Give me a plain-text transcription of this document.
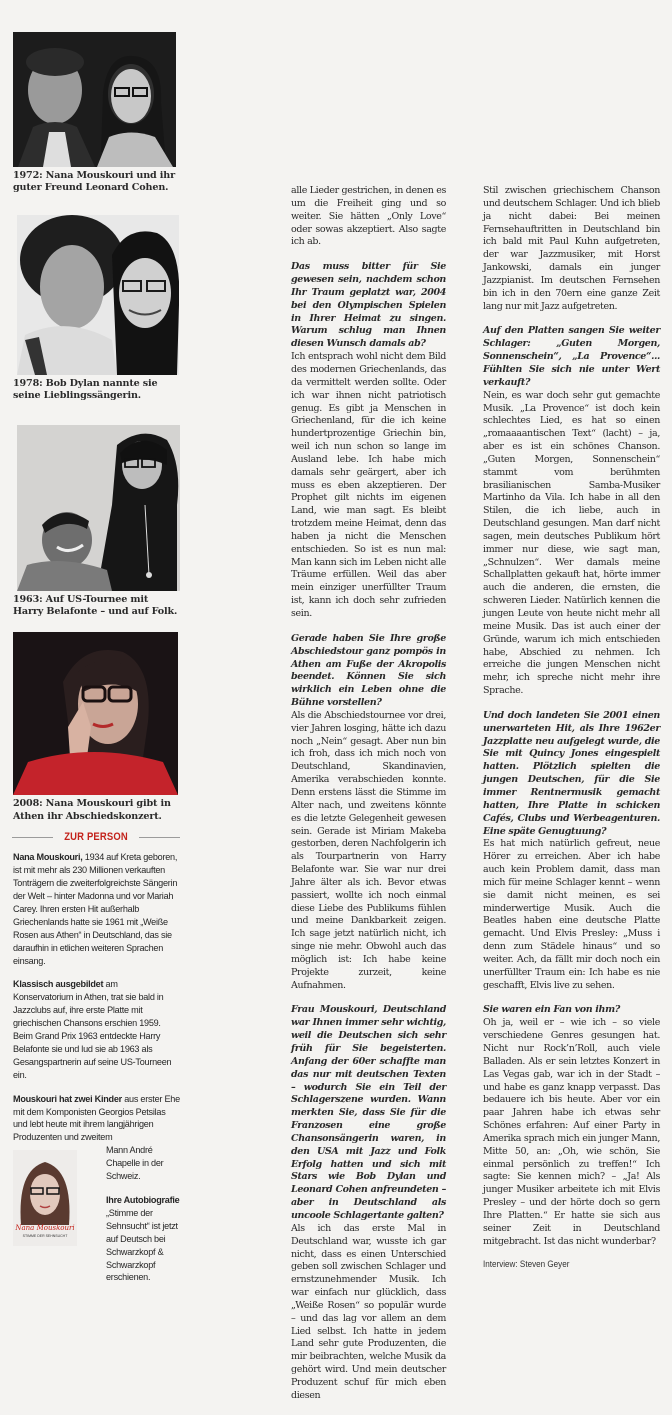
1972: Nana Mouskouri und ihr guter Freund Leonard Cohen.
1978: Bob Dylan nannte sie seine Lieblingssängerin.
1963: Auf US-Tournee mit Harry Belafonte – und auf Folk.
2008: Nana Mouskouri gibt in Athen ihr Abschiedskonzert.
ZUR PERSON

Nana Mouskouri, 1934 auf Kreta geboren, ist mit mehr als 230 Millionen verkauften Tonträgern die zweiterfolgreichste Sängerin der Welt – hinter Madonna und vor Mariah Carey. Ihren ersten Hit außerhalb Griechenlands hatte sie 1961 mit „Weiße Rosen aus Athen“ in Deutschland, das sie daraufhin in etlichen weiteren Sprachen einsang.

Klassisch ausgebildet am Konservatorium in Athen, trat sie bald in Jazzclubs auf, ihre erste Platte mit griechischen Chansons erschien 1959. Beim Grand Prix 1963 entdeckte Harry Belafonte sie und lud sie ab 1963 als Gesangspartnerin auf seine US-Tourneen ein.

Mouskouri hat zwei Kinder aus erster Ehe mit dem Komponisten Georgios Petsilas und lebt heute mit ihrem langjährigen Produzenten und zweitem

Nana Mouskouri
STIMME DER SEHNSUCHT

Mann André Chapelle in der Schweiz.

Ihre Autobiografie „Stimme der Sehnsucht“ ist jetzt auf Deutsch bei Schwarzkopf & Schwarzkopf erschienen.

alle Lieder gestrichen, in denen es um die Freiheit ging und so weiter. Sie hätten „Only Love“ oder sowas akzeptiert. Also sagte ich ab.

Das muss bitter für Sie gewesen sein, nachdem schon Ihr Traum geplatzt war, 2004 bei den Olympischen Spielen in Ihrer Heimat zu singen. Warum schlug man Ihnen diesen Wunsch damals ab?

Ich entsprach wohl nicht dem Bild des modernen Griechenlands, das da vermittelt werden sollte. Oder ich war ihnen nicht patriotisch genug. Es gibt ja Menschen in Griechenland, für die ich keine hundertprozentige Griechin bin, weil ich nun schon so lange im Ausland lebe. Ich habe mich damals sehr geärgert, aber ich muss es eben akzeptieren. Der Prophet gilt nichts im eigenen Land, wie man sagt. Es bleibt trotzdem meine Heimat, denn das haben ja nicht die Menschen entschieden. So ist es nun mal: Man kann sich im Leben nicht alle Träume erfüllen. Weil das aber mein einziger unerfüllter Traum ist, kann ich doch sehr zufrieden sein.

Gerade haben Sie Ihre große Abschiedstour ganz pompös in Athen am Fuße der Akropolis beendet. Können Sie sich wirklich ein Leben ohne die Bühne vorstellen?

Als die Abschiedstournee vor drei, vier Jahren losging, hätte ich dazu noch „Nein“ gesagt. Aber nun bin ich froh, dass ich mich noch von Deutschland, Skandinavien, Amerika verabschieden konnte. Denn erstens lässt die Stimme im Alter nach, und zweitens könnte es die letzte Gelegenheit gewesen sein. Gerade ist Miriam Makeba gestorben, deren Nachfolgerin ich als Tourpartnerin von Harry Belafonte war. Sie war nur drei Jahre älter als ich. Bevor etwas passiert, wollte ich noch einmal diese Liebe des Publikums fühlen und meine Dankbarkeit zeigen. Ich sage jetzt natürlich nicht, ich singe nie mehr. Obwohl auch das möglich ist: Ich habe keine Projekte zurzeit, keine Aufnahmen.

Frau Mouskouri, Deutschland war Ihnen immer sehr wichtig, weil die Deutschen sich sehr früh für Sie begeisterten. Anfang der 60er schaffte man das nur mit deutschen Texten – wodurch Sie ein Teil der Schlagerszene wurden. Wann merkten Sie, dass Sie für die Franzosen eine große Chansonsängerin waren, in den USA mit Jazz und Folk Erfolg hatten und sich mit Stars wie Bob Dylan und Leonard Cohen anfreundeten – aber in Deutschland als uncoole Schlagertante galten?

Als ich das erste Mal in Deutschland war, wusste ich gar nicht, dass es einen Unterschied geben soll zwischen Schlager und ernstzunehmender Musik. Ich war einfach nur glücklich, dass „Weiße Rosen“ so populär wurde – und das lag vor allem an dem Lied selbst. Ich hatte in jedem Land sehr gute Produzenten, die mir beibrachten, welche Musik da gehört wird. Und mein deutscher Produzent schuf für mich eben diesen

Stil zwischen griechischem Chanson und deutschem Schlager. Und ich blieb ja nicht dabei: Bei meinen Fernsehauftritten in Deutschland bin ich bald mit Paul Kuhn aufgetreten, der war Jazzmusiker, mit Horst Jankowski, damals ein junger Jazzpianist. Im deutschen Fernsehen bin ich in den 70ern eine ganze Zeit lang nur mit Jazz aufgetreten.

Auf den Platten sangen Sie weiter Schlager: „Guten Morgen, Sonnenschein“, „La Provence“... Fühlten Sie sich nie unter Wert verkauft?

Nein, es war doch sehr gut gemachte Musik. „La Provence“ ist doch kein schlechtes Lied, es hat so einen „romaaaantischen Text“ (lacht) – ja, aber es ist ein schönes Chanson. „Guten Morgen, Sonnenschein“ stammt vom berühmten brasilianischen Samba-Musiker Martinho da Vila. Ich habe in all den Stilen, die ich liebe, auch in Deutschland gesungen. Man darf nicht sagen, mein deutsches Publikum hört immer nur diese, wie sagt man, „Schnulzen“. Wer damals meine Schallplatten gekauft hat, hörte immer auch die anderen, die ernsten, die schweren Lieder. Natürlich kennen die jungen Leute von heute nicht mehr all meine Musik. Das ist auch einer der Gründe, warum ich mich entschieden habe, Abschied zu nehmen. Ich erreiche die jungen Menschen nicht mehr, ich spreche nicht mehr ihre Sprache.

Und doch landeten Sie 2001 einen unerwarteten Hit, als Ihre 1962er Jazzplatte neu aufgelegt wurde, die Sie mit Quincy Jones eingespielt hatten. Plötzlich spielten die jungen Deutschen, für die Sie immer Rentnermusik gemacht hatten, Ihre Platte in schicken Cafés, Clubs und Werbeagenturen. Eine späte Genugtuung?

Es hat mich natürlich gefreut, neue Hörer zu erreichen. Aber ich habe auch kein Problem damit, dass man mich für meine Schlager kennt – wenn sie damit nicht meinen, es sei minderwertige Musik. Auch die Beatles haben eine deutsche Platte gemacht. Und Elvis Presley: „Muss i denn zum Städele hinaus“ und so weiter. Ach, da fällt mir doch noch ein unerfüllter Traum ein: Ich habe es nie geschafft, Elvis live zu sehen.

Sie waren ein Fan von ihm?

Oh ja, weil er – wie ich – so viele verschiedene Genres gesungen hat. Nicht nur Rock’n’Roll, auch viele Balladen. Als er sein letztes Konzert in Las Vegas gab, war ich in der Stadt – und habe es ganz knapp verpasst. Das bedauere ich bis heute. Aber vor ein paar Jahren habe ich etwas sehr Schönes erfahren: Auf einer Party in Amerika sprach mich ein junger Mann, Mitte 50, an: „Oh, wie schön, Sie einmal persönlich zu treffen!“ Ich sagte: Sie kennen mich? – „Ja! Als junger Musiker arbeitete ich mit Elvis Presley – und der hörte doch so gern Ihre Platten.“ Er hatte sie sich aus seiner Zeit in Deutschland mitgebracht. Ist das nicht wunderbar?

Interview: Steven Geyer
